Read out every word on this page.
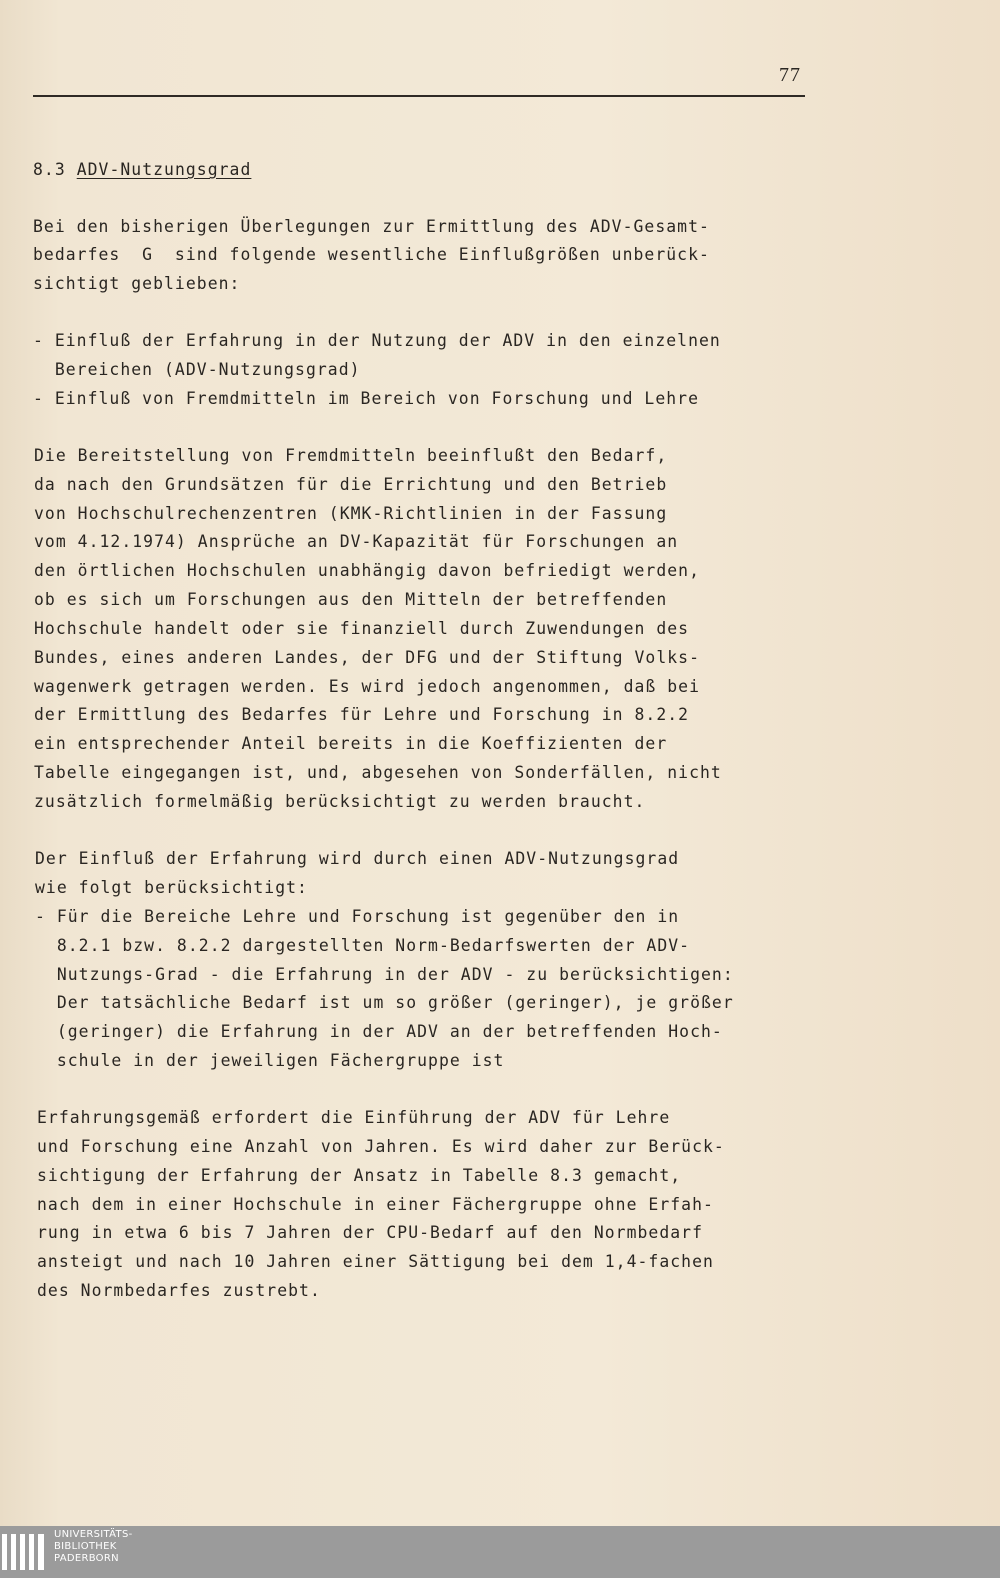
77
8.3 ADV-Nutzungsgrad
Bei den bisherigen Überlegungen zur Ermittlung des ADV-Gesamt-
bedarfes  G  sind folgende wesentliche Einflußgrößen unberück-
sichtigt geblieben:
- Einfluß der Erfahrung in der Nutzung der ADV in den einzelnen
Bereichen (ADV-Nutzungsgrad)
- Einfluß von Fremdmitteln im Bereich von Forschung und Lehre
Die Bereitstellung von Fremdmitteln beeinflußt den Bedarf,
da nach den Grundsätzen für die Errichtung und den Betrieb
von Hochschulrechenzentren (KMK-Richtlinien in der Fassung
vom 4.12.1974) Ansprüche an DV-Kapazität für Forschungen an
den örtlichen Hochschulen unabhängig davon befriedigt werden,
ob es sich um Forschungen aus den Mitteln der betreffenden
Hochschule handelt oder sie finanziell durch Zuwendungen des
Bundes, eines anderen Landes, der DFG und der Stiftung Volks-
wagenwerk getragen werden. Es wird jedoch angenommen, daß bei
der Ermittlung des Bedarfes für Lehre und Forschung in 8.2.2
ein entsprechender Anteil bereits in die Koeffizienten der
Tabelle eingegangen ist, und, abgesehen von Sonderfällen, nicht
zusätzlich formelmäßig berücksichtigt zu werden braucht.
Der Einfluß der Erfahrung wird durch einen ADV-Nutzungsgrad
wie folgt berücksichtigt:
- Für die Bereiche Lehre und Forschung ist gegenüber den in
8.2.1 bzw. 8.2.2 dargestellten Norm-Bedarfswerten der ADV-
Nutzungs-Grad - die Erfahrung in der ADV - zu berücksichtigen:
Der tatsächliche Bedarf ist um so größer (geringer), je größer
(geringer) die Erfahrung in der ADV an der betreffenden Hoch-
schule in der jeweiligen Fächergruppe ist
Erfahrungsgemäß erfordert die Einführung der ADV für Lehre
und Forschung eine Anzahl von Jahren. Es wird daher zur Berück-
sichtigung der Erfahrung der Ansatz in Tabelle 8.3 gemacht,
nach dem in einer Hochschule in einer Fächergruppe ohne Erfah-
rung in etwa 6 bis 7 Jahren der CPU-Bedarf auf den Normbedarf
ansteigt und nach 10 Jahren einer Sättigung bei dem 1,4-fachen
des Normbedarfes zustrebt.
UNIVERSITÄTS-
BIBLIOTHEK
PADERBORN
